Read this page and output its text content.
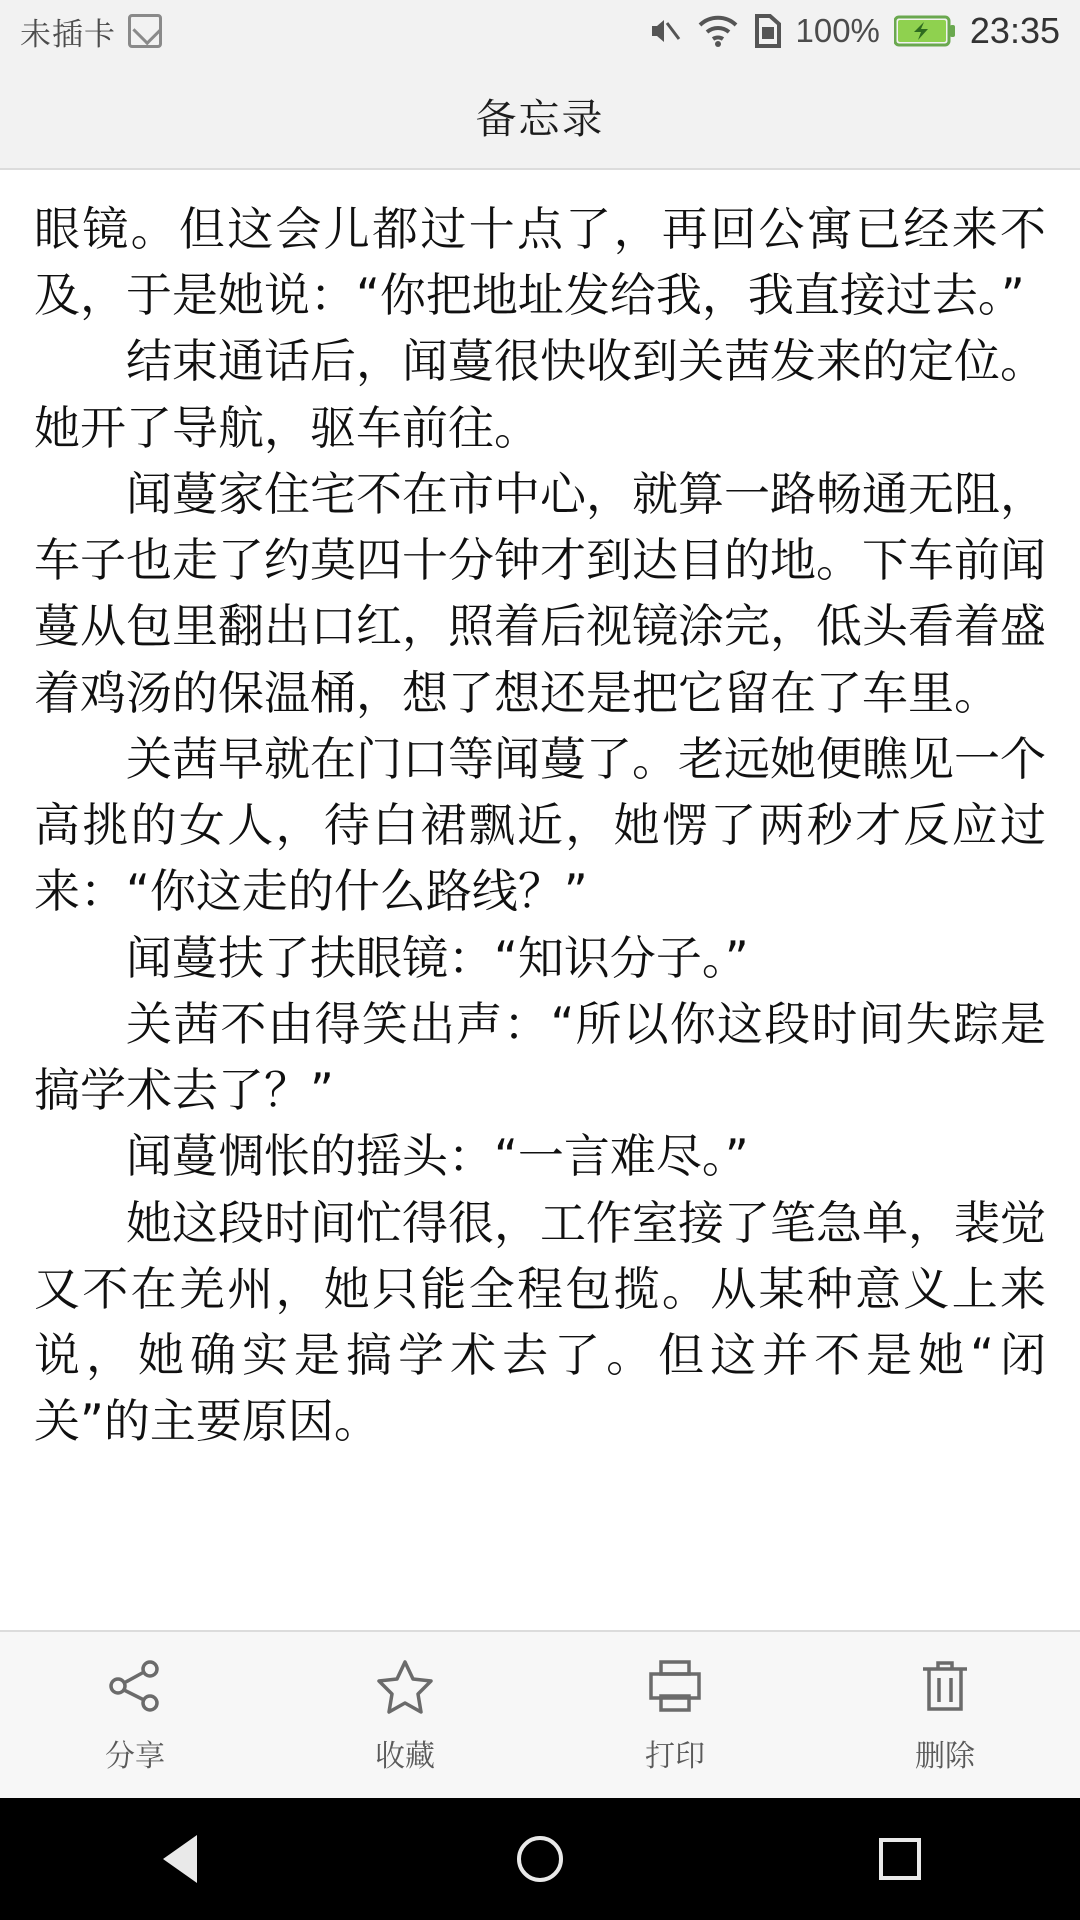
未插卡	100%	23:35
备忘录

眼镜。但这会儿都过十点了，再回公寓已经来不及，于是她说：“你把地址发给我，我直接过去。”

结束通话后，闻蔓很快收到关茜发来的定位。她开了导航，驱车前往。

闻蔓家住宅不在市中心，就算一路畅通无阻，车子也走了约莫四十分钟才到达目的地。下车前闻蔓从包里翻出口红，照着后视镜涂完，低头看着盛着鸡汤的保温桶，想了想还是把它留在了车里。

关茜早就在门口等闻蔓了。老远她便瞧见一个高挑的女人，待白裙飘近，她愣了两秒才反应过来：“你这走的什么路线？”

闻蔓扶了扶眼镜：“知识分子。”

关茜不由得笑出声：“所以你这段时间失踪是搞学术去了？”

闻蔓惆怅的摇头：“一言难尽。”

她这段时间忙得很，工作室接了笔急单，裴觉又不在羌州，她只能全程包揽。从某种意义上来说，她确实是搞学术去了。但这并不是她“闭关”的主要原因。

分享	收藏	打印	删除
